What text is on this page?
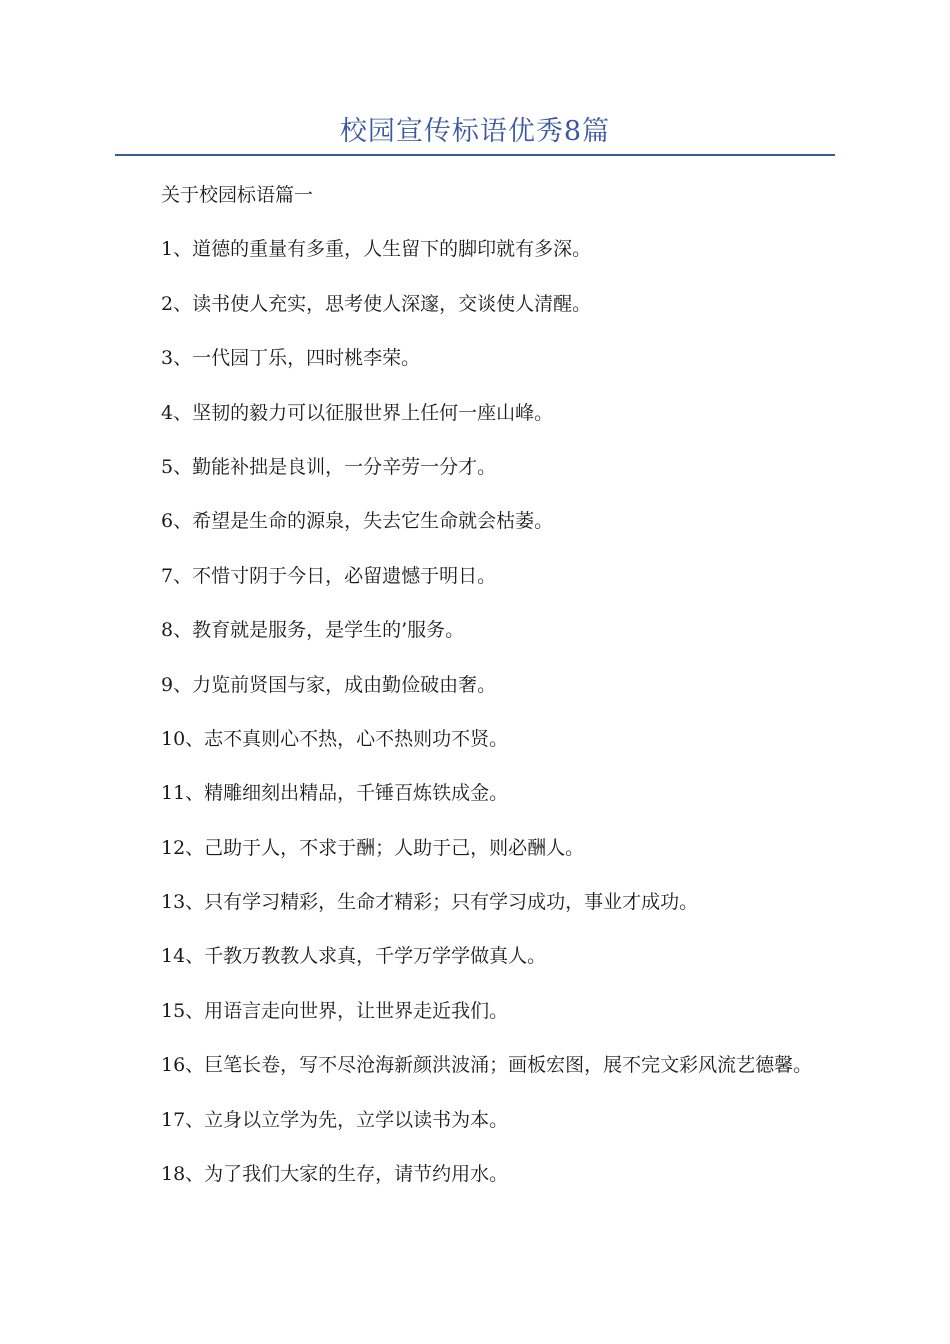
校园宣传标语优秀8篇

关于校园标语篇一

1、道德的重量有多重，人生留下的脚印就有多深。

2、读书使人充实，思考使人深邃，交谈使人清醒。

3、一代园丁乐，四时桃李荣。

4、坚韧的毅力可以征服世界上任何一座山峰。

5、勤能补拙是良训，一分辛劳一分才。

6、希望是生命的源泉，失去它生命就会枯萎。

7、不惜寸阴于今日，必留遗憾于明日。

8、教育就是服务，是学生的’服务。

9、力览前贤国与家，成由勤俭破由奢。

10、志不真则心不热，心不热则功不贤。

11、精雕细刻出精品，千锤百炼铁成金。

12、己助于人，不求于酬；人助于己，则必酬人。

13、只有学习精彩，生命才精彩；只有学习成功，事业才成功。

14、千教万教教人求真，千学万学学做真人。

15、用语言走向世界，让世界走近我们。

16、巨笔长卷，写不尽沧海新颜洪波涌；画板宏图，展不完文彩风流艺德馨。

17、立身以立学为先，立学以读书为本。

18、为了我们大家的生存，请节约用水。
